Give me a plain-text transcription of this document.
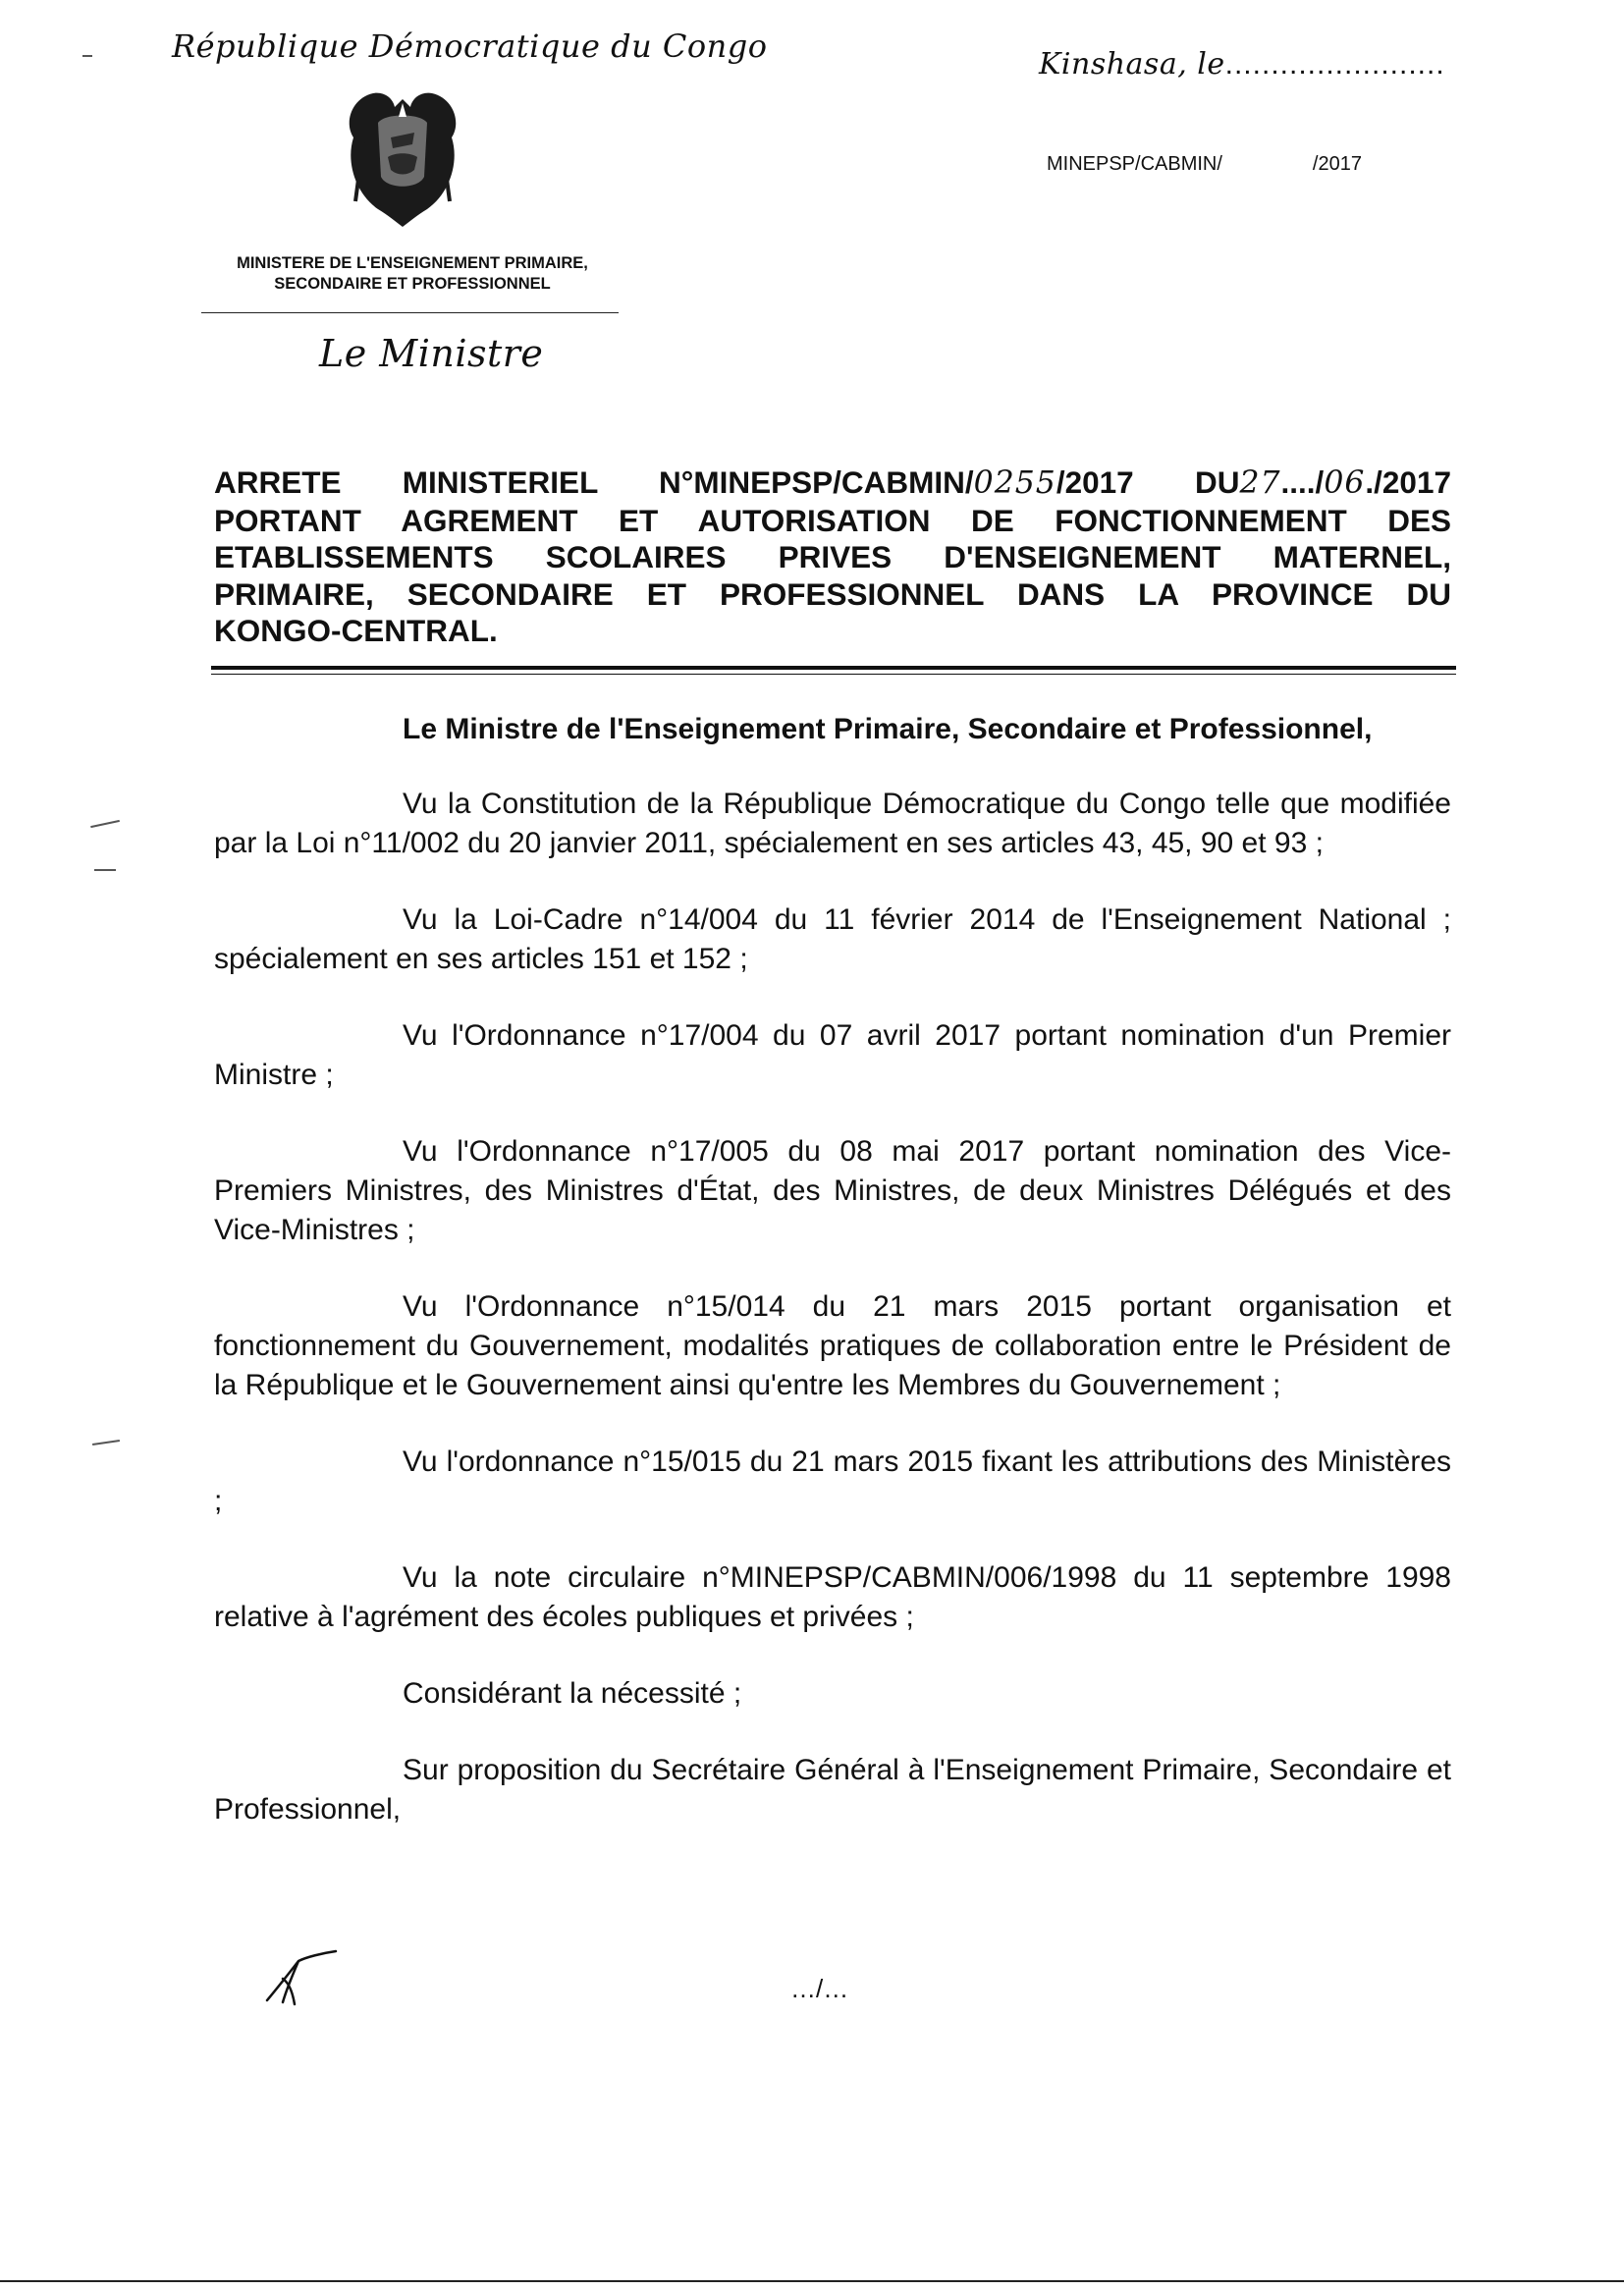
République Démocratique du Congo	Kinshasa, le........................
MINEPSP/CABMIN/	/2017
MINISTERE DE L'ENSEIGNEMENT PRIMAIRE,
SECONDAIRE ET PROFESSIONNEL
Le Ministre

ARRETE MINISTERIEL N°MINEPSP/CABMIN/0255/2017 DU27..../06./2017

PORTANT AGREMENT ET AUTORISATION DE FONCTIONNEMENT DES

ETABLISSEMENTS SCOLAIRES PRIVES D'ENSEIGNEMENT MATERNEL,

PRIMAIRE, SECONDAIRE ET PROFESSIONNEL DANS LA PROVINCE DU

KONGO-CENTRAL.

Le Ministre de l'Enseignement Primaire, Secondaire et Professionnel,

Vu la Constitution de la République Démocratique du Congo telle que modifiée par la Loi n°11/002 du 20 janvier 2011, spécialement en ses articles 43, 45, 90 et 93 ;

Vu la Loi-Cadre n°14/004 du 11 février 2014 de l'Enseignement National ; spécialement en ses articles 151 et 152 ;

Vu l'Ordonnance n°17/004 du 07 avril 2017 portant nomination d'un Premier Ministre ;

Vu l'Ordonnance n°17/005 du 08 mai 2017 portant nomination des Vice-Premiers Ministres, des Ministres d'État, des Ministres, de deux Ministres Délégués et des Vice-Ministres ;

Vu l'Ordonnance n°15/014 du 21 mars 2015 portant organisation et fonctionnement du Gouvernement, modalités pratiques de collaboration entre le Président de la République et le Gouvernement ainsi qu'entre les Membres du Gouvernement ;

Vu l'ordonnance n°15/015 du 21 mars 2015 fixant les attributions des Ministères ;

Vu la note circulaire n°MINEPSP/CABMIN/006/1998 du 11 septembre 1998 relative à l'agrément des écoles publiques et privées ;

Considérant la nécessité ;

Sur proposition du Secrétaire Général à l'Enseignement Primaire, Secondaire et Professionnel,

…/…
